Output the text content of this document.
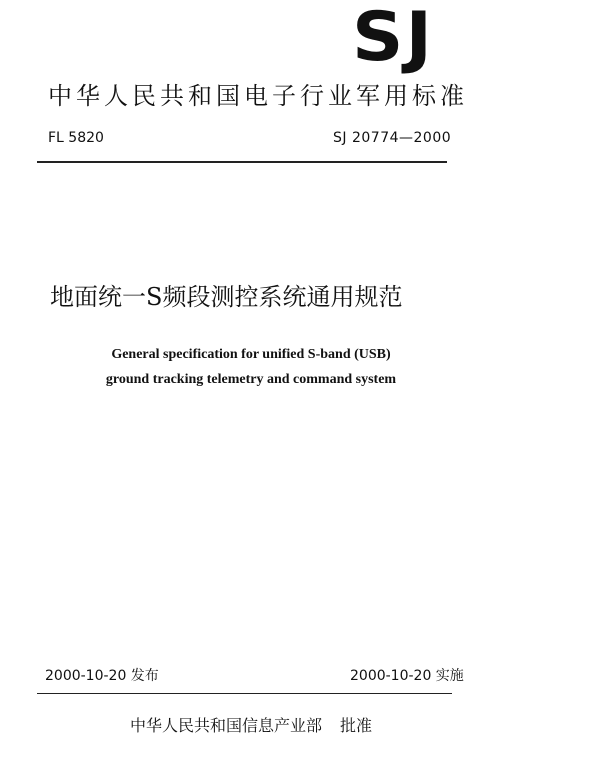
SJ
中华人民共和国电子行业军用标准
FL 5820	SJ 20774—2000
地面统一S频段测控系统通用规范
General specification for unified S-band (USB)
ground tracking telemetry and command system
2000-10-20 发布	2000-10-20 实施
中华人民共和国信息产业部 批准
